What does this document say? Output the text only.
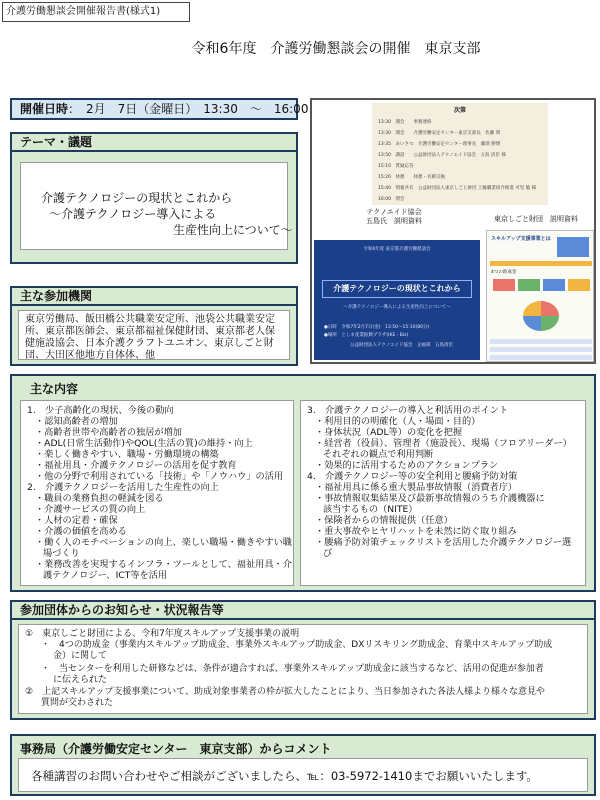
介護労働懇談会開催報告書(様式1)
令和6年度　介護労働懇談会の開催　東京支部
開催日時：　2月　7日（金曜日）　13:30　〜　16:00
テーマ・議題
介護テクノロジーの現状とこれから
〜介護テクノロジー導入による
生産性向上について〜
主な参加機関
東京労働局、飯田橋公共職業安定所、池袋公共職業安定所、東京都医師会、東京都福祉保健財団、東京都老人保健施設協会、日本介護クラフトユニオン、東京しごと財団、大田区他地方自体体、他
次第
13:30　開会　　事務連絡
13:30　開会　　介護労働安定センター東京支部長　佐藤 明
13:35　あいさつ　介護労働安定センター理事長　藤澤 勝博
13:50　講話　　公益財団法人テクノエイド協会　五島 清臣 様
15:10　質疑応答
15:20　休憩　　休憩・名刺交換
15:40　情報共有　公益財団法人東京しごと財団 上級職業紹介推進 可児 敏 様
16:00　閉会
テクノエイド協会
五島氏　説明資料	東京しごと財団　説明資料
令和6年度 東京都介護労働懇談会
介護テクノロジーの現状とこれから
〜介護テクノロジー導入による生産性向上について〜
●日時　令和7年2月7日(金)　13:50〜15:10(80分)
●場所　としま産業振興プラザ(IKE・Biz)
公益財団法人テクノエイド協会　企画部　五島清臣
スキルアップ支援事業とは
4つの助成金
主な内容
1.　少子高齢化の現状、今後の動向
・認知高齢者の増加
・高齢者世帯や高齢者の独居が増加
・ADL(日常生活動作)やQOL(生活の質)の維持・向上
・楽しく働きやすい、職場・労働環境の構築
・福祉用具・介護テクノロジーの活用を促す教育
・他の分野で利用されている「技術」や「ノウハウ」の活用
2.　介護テクノロジーを活用した生産性の向上
・職員の業務負担の軽減を図る
・介護サービスの質の向上
・人材の定着・確保
・介護の価値を高める
・働く人のモチベーションの向上、楽しい職場・働きやすい職
場づくり
・業務改善を実現するインフラ・ツールとして、福祉用具・介
護テクノロジー、ICT等を活用
3.　介護テクノロジーの導入と利活用のポイント
・利用目的の明確化（人・場面・目的）
・身体状況（ADL等）の変化を把握
・経営者（役員）、管理者（施設長）、現場（フロアリーダー）
それぞれの観点で利用判断
・効果的に活用するためのアクションプラン
4.　介護テクノロジー等の安全利用と腰痛予防対策
・福祉用具に係る重大製品事故情報（消費者庁）
・事故情報収集結果及び最新事故情報のうち介護機器に
該当するもの（NITE）
・保険者からの情報提供（任意）
・重大事故やヒヤリハットを未然に防ぐ取り組み
・腰痛予防対策チェックリストを活用した介護テクノロジー選
び
参加団体からのお知らせ・状況報告等
①　東京しごと財団による、令和7年度スキルアップ支援事業の説明
・　4つの助成金（事業内スキルアップ助成金、事業外スキルアップ助成金、DXリスキリング助成金、育業中スキルアップ助成
金）に関して
・　当センターを利用した研修などは、条件が適合すれば、事業外スキルアップ助成金に該当するなど、活用の促進が参加者
に伝えられた
②　上記スキルアップ支援事業について、助成対象事業者の枠が拡大したことにより、当日参加された各法人様より様々な意見や
質問が交わされた
事務局（介護労働安定センター　東京支部）からコメント
各種講習のお問い合わせやご相談がございましたら、℡：03-5972-1410までお願いいたします。
